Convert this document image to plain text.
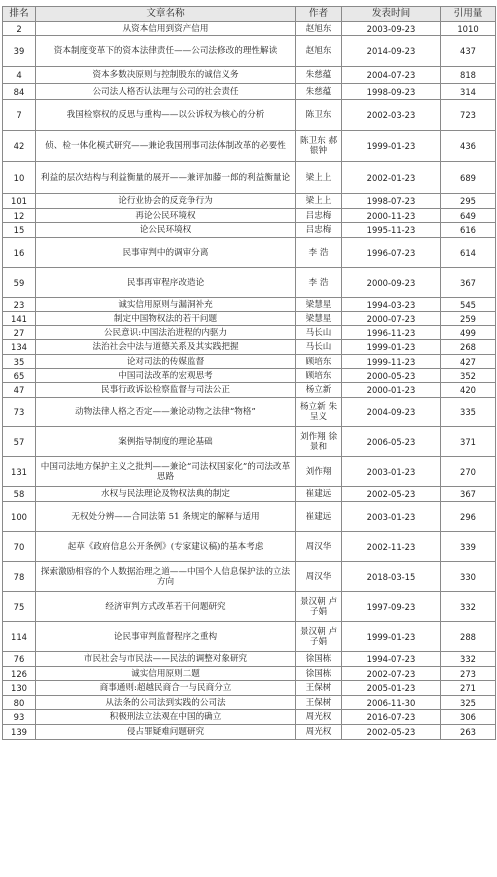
排名	文章名称	作者	发表时间	引用量
2	从资本信用到资产信用	赵旭东	2003-09-23	1010
39	资本制度变革下的资本法律责任——公司法修改的理性解读	赵旭东	2014-09-23	437
4	资本多数决原则与控制股东的诚信义务	朱慈蕴	2004-07-23	818
84	公司法人格否认法理与公司的社会责任	朱慈蕴	1998-09-23	314
7	我国检察权的反思与重构——以公诉权为核心的分析	陈卫东	2002-03-23	723
42	侦、检一体化模式研究——兼论我国刑事司法体制改革的必要性	陈卫东 郝银钟	1999-01-23	436
10	利益的层次结构与利益衡量的展开——兼评加藤一郎的利益衡量论	梁上上	2002-01-23	689
101	论行业协会的反竞争行为	梁上上	1998-07-23	295
12	再论公民环境权	吕忠梅	2000-11-23	649
15	论公民环境权	吕忠梅	1995-11-23	616
16	民事审判中的调审分离	李 浩	1996-07-23	614
59	民事再审程序改造论	李 浩	2000-09-23	367
23	诚实信用原则与漏洞补充	梁慧星	1994-03-23	545
141	制定中国物权法的若干问题	梁慧星	2000-07-23	259
27	公民意识:中国法治进程的内驱力	马长山	1996-11-23	499
134	法治社会中法与道德关系及其实践把握	马长山	1999-01-23	268
35	论对司法的传媒监督	顾培东	1999-11-23	427
65	中国司法改革的宏观思考	顾培东	2000-05-23	352
47	民事行政诉讼检察监督与司法公正	杨立新	2000-01-23	420
73	动物法律人格之否定——兼论动物之法律“物格”	杨立新 朱呈义	2004-09-23	335
57	案例指导制度的理论基础	刘作翔 徐景和	2006-05-23	371
131	中国司法地方保护主义之批判——兼论“司法权国家化”的司法改革思路	刘作翔	2003-01-23	270
58	水权与民法理论及物权法典的制定	崔建远	2002-05-23	367
100	无权处分辨——合同法第 51 条规定的解释与适用	崔建远	2003-01-23	296
70	起草《政府信息公开条例》(专家建议稿)的基本考虑	周汉华	2002-11-23	339
78	探索激励相容的个人数据治理之道——中国个人信息保护法的立法方向	周汉华	2018-03-15	330
75	经济审判方式改革若干问题研究	景汉朝 卢子娟	1997-09-23	332
114	论民事审判监督程序之重构	景汉朝 卢子娟	1999-01-23	288
76	市民社会与市民法——民法的调整对象研究	徐国栋	1994-07-23	332
126	诚实信用原则二题	徐国栋	2002-07-23	273
130	商事通则:超越民商合一与民商分立	王保树	2005-01-23	271
80	从法条的公司法到实践的公司法	王保树	2006-11-30	325
93	积极刑法立法观在中国的确立	周光权	2016-07-23	306
139	侵占罪疑难问题研究	周光权	2002-05-23	263
